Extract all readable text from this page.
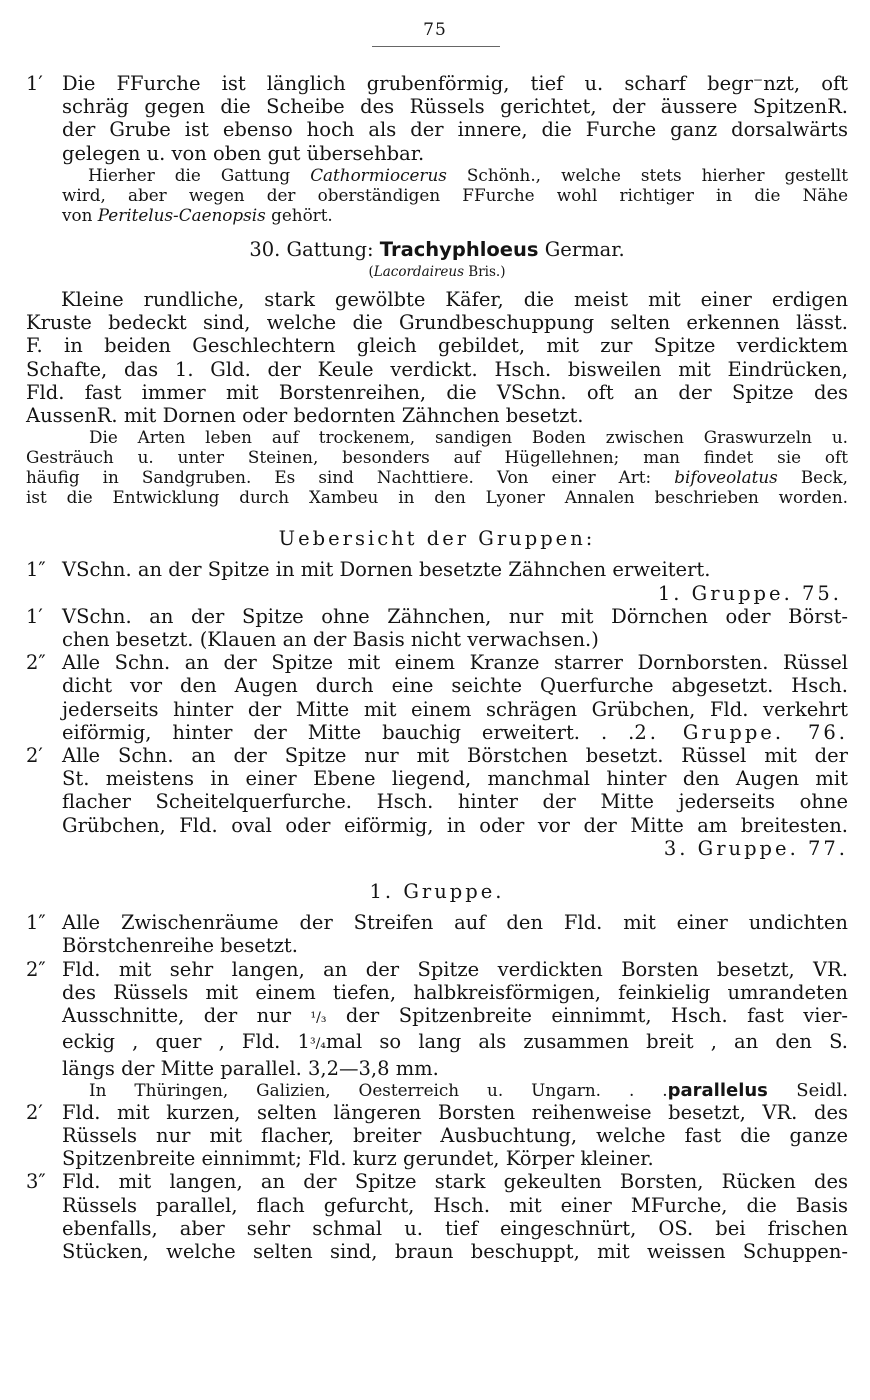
75
1′ Die FFurche ist länglich grubenförmig, tief u. scharf begr⁻nzt, oft

schräg gegen die Scheibe des Rüssels gerichtet, der äussere SpitzenR.

der Grube ist ebenso hoch als der innere, die Furche ganz dorsalwärts

gelegen u. von oben gut übersehbar.

Hierher die Gattung Cathormiocerus Schönh., welche stets hierher gestellt

wird, aber wegen der oberständigen FFurche wohl richtiger in die Nähe

von Peritelus-Caenopsis gehört.

30. Gattung: Trachyphloeus Germar.

(Lacordaireus Bris.)

Kleine rundliche, stark gewölbte Käfer, die meist mit einer erdigen

Kruste bedeckt sind, welche die Grundbeschuppung selten erkennen lässt.

F. in beiden Geschlechtern gleich gebildet, mit zur Spitze verdicktem

Schafte, das 1. Gld. der Keule verdickt. Hsch. bisweilen mit Eindrücken,

Fld. fast immer mit Borstenreihen, die VSchn. oft an der Spitze des

AussenR. mit Dornen oder bedornten Zähnchen besetzt.

Die Arten leben auf trockenem, sandigen Boden zwischen Graswurzeln u.

Gesträuch u. unter Steinen, besonders auf Hügellehnen; man findet sie oft

häufig in Sandgruben. Es sind Nachttiere. Von einer Art: bifoveolatus Beck,

ist die Entwicklung durch Xambeu in den Lyoner Annalen beschrieben worden.

Uebersicht der Gruppen:

1″ VSchn. an der Spitze in mit Dornen besetzte Zähnchen erweitert.

1. Gruppe. 75.

1′ VSchn. an der Spitze ohne Zähnchen, nur mit Dörnchen oder Börst-

chen besetzt. (Klauen an der Basis nicht verwachsen.)

2″ Alle Schn. an der Spitze mit einem Kranze starrer Dornborsten. Rüssel

dicht vor den Augen durch eine seichte Querfurche abgesetzt. Hsch.

jederseits hinter der Mitte mit einem schrägen Grübchen, Fld. verkehrt

eiförmig, hinter der Mitte bauchig erweitert. . .2. Gruppe. 76.

2′ Alle Schn. an der Spitze nur mit Börstchen besetzt. Rüssel mit der

St. meistens in einer Ebene liegend, manchmal hinter den Augen mit

flacher Scheitelquerfurche. Hsch. hinter der Mitte jederseits ohne

Grübchen, Fld. oval oder eiförmig, in oder vor der Mitte am breitesten.

3. Gruppe. 77.

1. Gruppe.

1″ Alle Zwischenräume der Streifen auf den Fld. mit einer undichten

Börstchenreihe besetzt.

2″ Fld. mit sehr langen, an der Spitze verdickten Borsten besetzt, VR.

des Rüssels mit einem tiefen, halbkreisförmigen, feinkielig umrandeten

Ausschnitte, der nur ¹/₃ der Spitzenbreite einnimmt, Hsch. fast vier-

eckig , quer , Fld. 1³/₄mal so lang als zusammen breit , an den S.

längs der Mitte parallel. 3,2—3,8 mm.

In Thüringen, Galizien, Oesterreich u. Ungarn. . .parallelus Seidl.

2′ Fld. mit kurzen, selten längeren Borsten reihenweise besetzt, VR. des

Rüssels nur mit flacher, breiter Ausbuchtung, welche fast die ganze

Spitzenbreite einnimmt; Fld. kurz gerundet, Körper kleiner.

3″ Fld. mit langen, an der Spitze stark gekeulten Borsten, Rücken des

Rüssels parallel, flach gefurcht, Hsch. mit einer MFurche, die Basis

ebenfalls, aber sehr schmal u. tief eingeschnürt, OS. bei frischen

Stücken, welche selten sind, braun beschuppt, mit weissen Schuppen-
